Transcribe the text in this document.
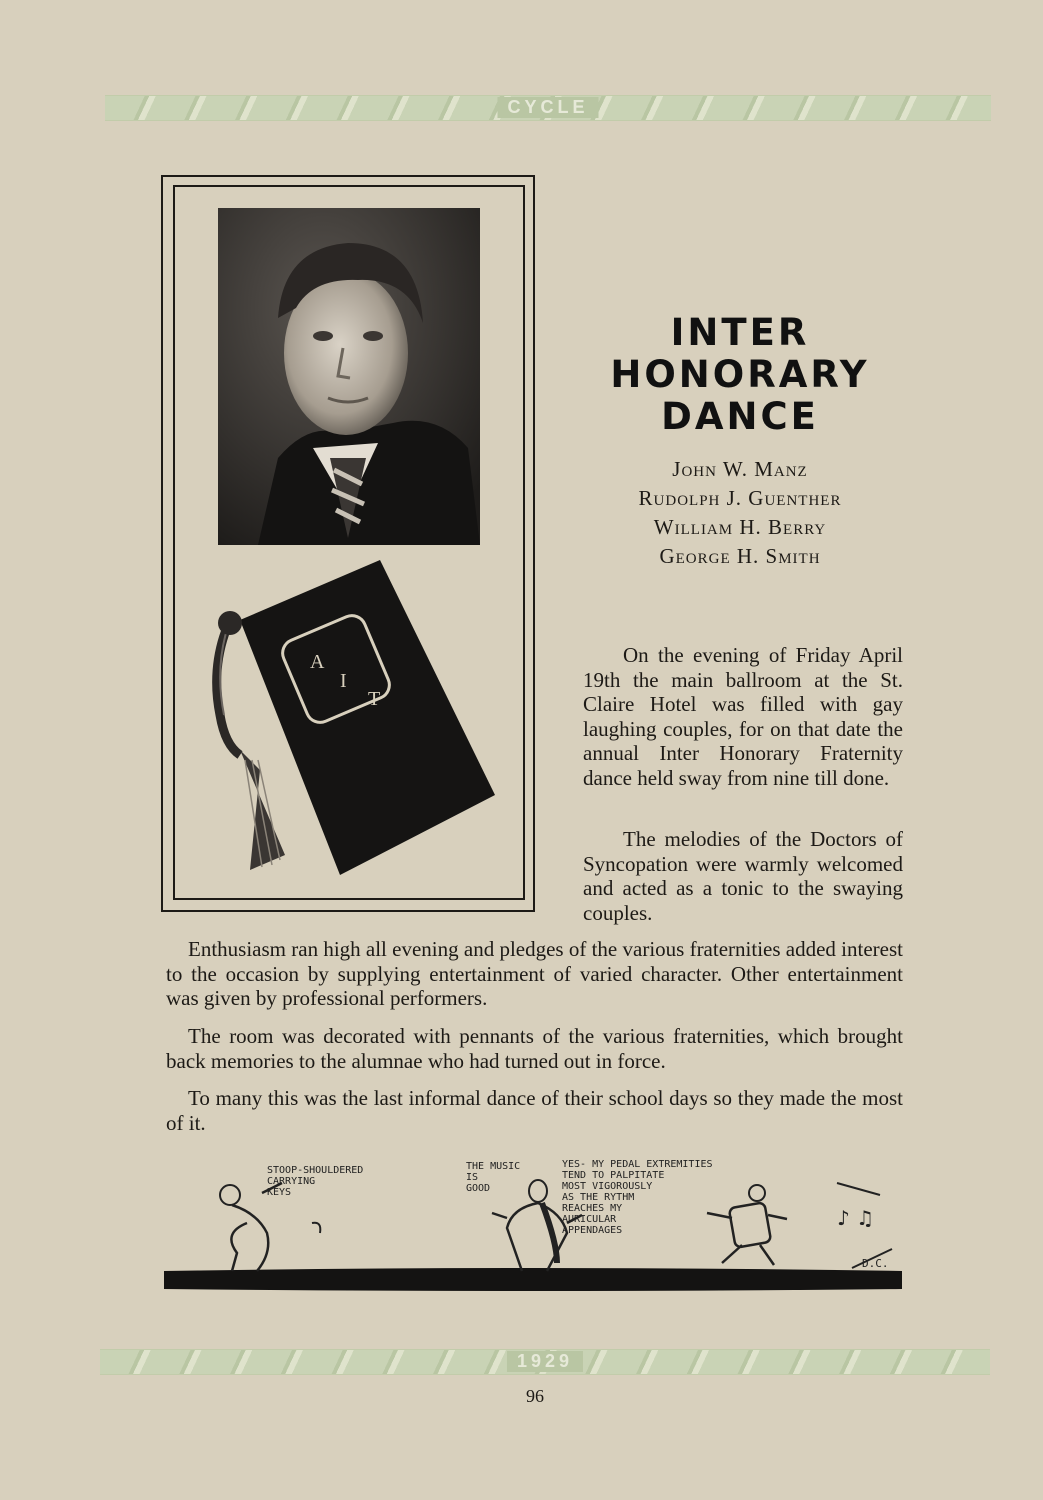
CYCLE
A
I
T
INTER
HONORARY
DANCE
John W. Manz
Rudolph J. Guenther
William H. Berry
George H. Smith

On the evening of Friday April 19th the main ballroom at the St. Claire Hotel was filled with gay laughing couples, for on that date the annual Inter Honorary Fraternity dance held sway from nine till done.

The melodies of the Doctors of Syncopation were warmly welcomed and acted as a tonic to the swaying couples.

Enthusiasm ran high all evening and pledges of the various fraternities added interest to the occasion by supplying entertainment of varied character. Other entertainment was given by professional performers.

The room was decorated with pennants of the various fraternities, which brought back memories to the alumnae who had turned out in force.

To many this was the last informal dance of their school days so they made the most of it.

♪ ♫
STOOP-SHOULDERED
CARRYING
KEYS
THE MUSIC
IS
GOOD
YES- MY PEDAL EXTREMITIES
TEND TO PALPITATE
MOST VIGOROUSLY
AS THE RYTHM
REACHES MY
AURICULAR
APPENDAGES
D.C.
1929
96
